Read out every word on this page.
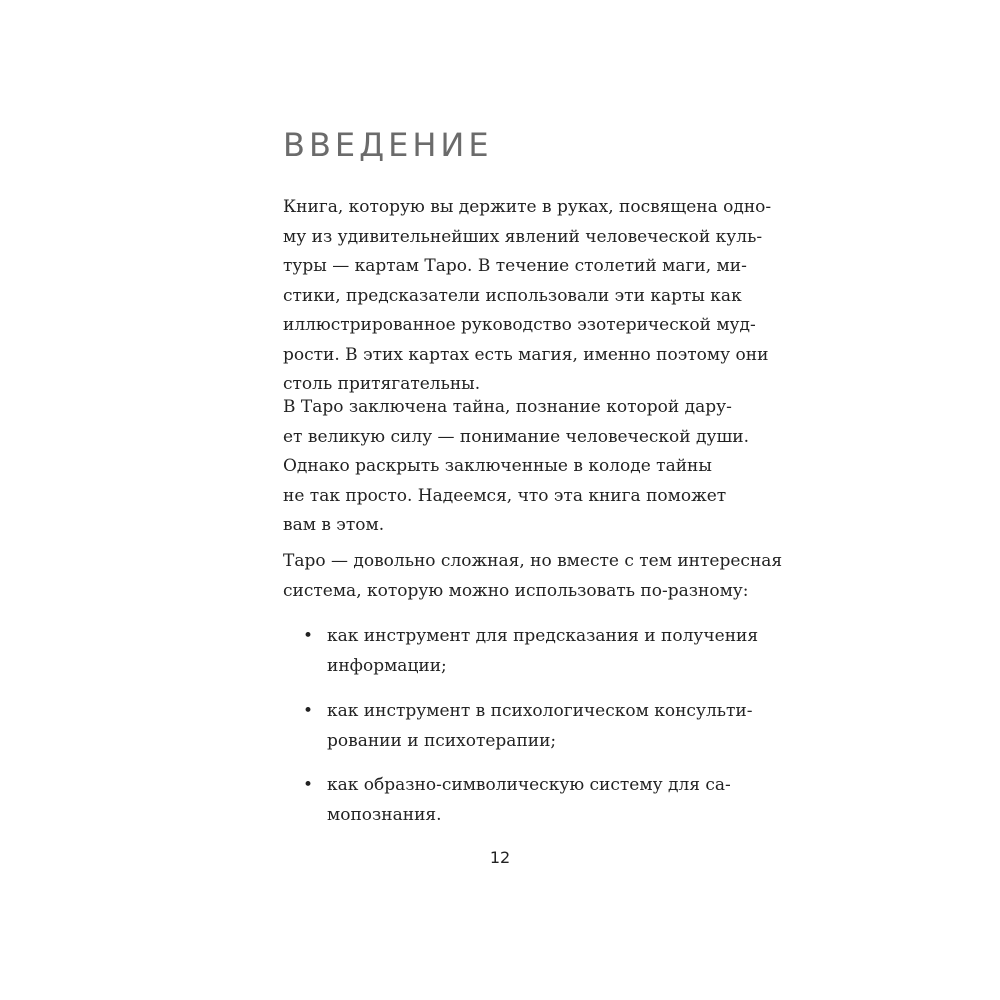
ВВЕДЕНИЕ
Книга, которую вы держите в руках, посвящена одно-
му из удивительнейших явлений человеческой куль-
туры — картам Таро. В течение столетий маги, ми-
стики, предсказатели использовали эти карты как
иллюстрированное руководство эзотерической муд-
рости. В этих картах есть магия, именно поэтому они
столь притягательны.
В Таро заключена тайна, познание которой дару-
ет великую силу — понимание человеческой души.
Однако раскрыть заключенные в колоде тайны
не так просто. Надеемся, что эта книга поможет
вам в этом.
Таро — довольно сложная, но вместе с тем интересная
система, которую можно использовать по-разному:
• как инструмент для предсказания и получения
информации;
• как инструмент в психологическом консульти-
ровании и психотерапии;
• как образно-символическую систему для са-
мопознания.
12
